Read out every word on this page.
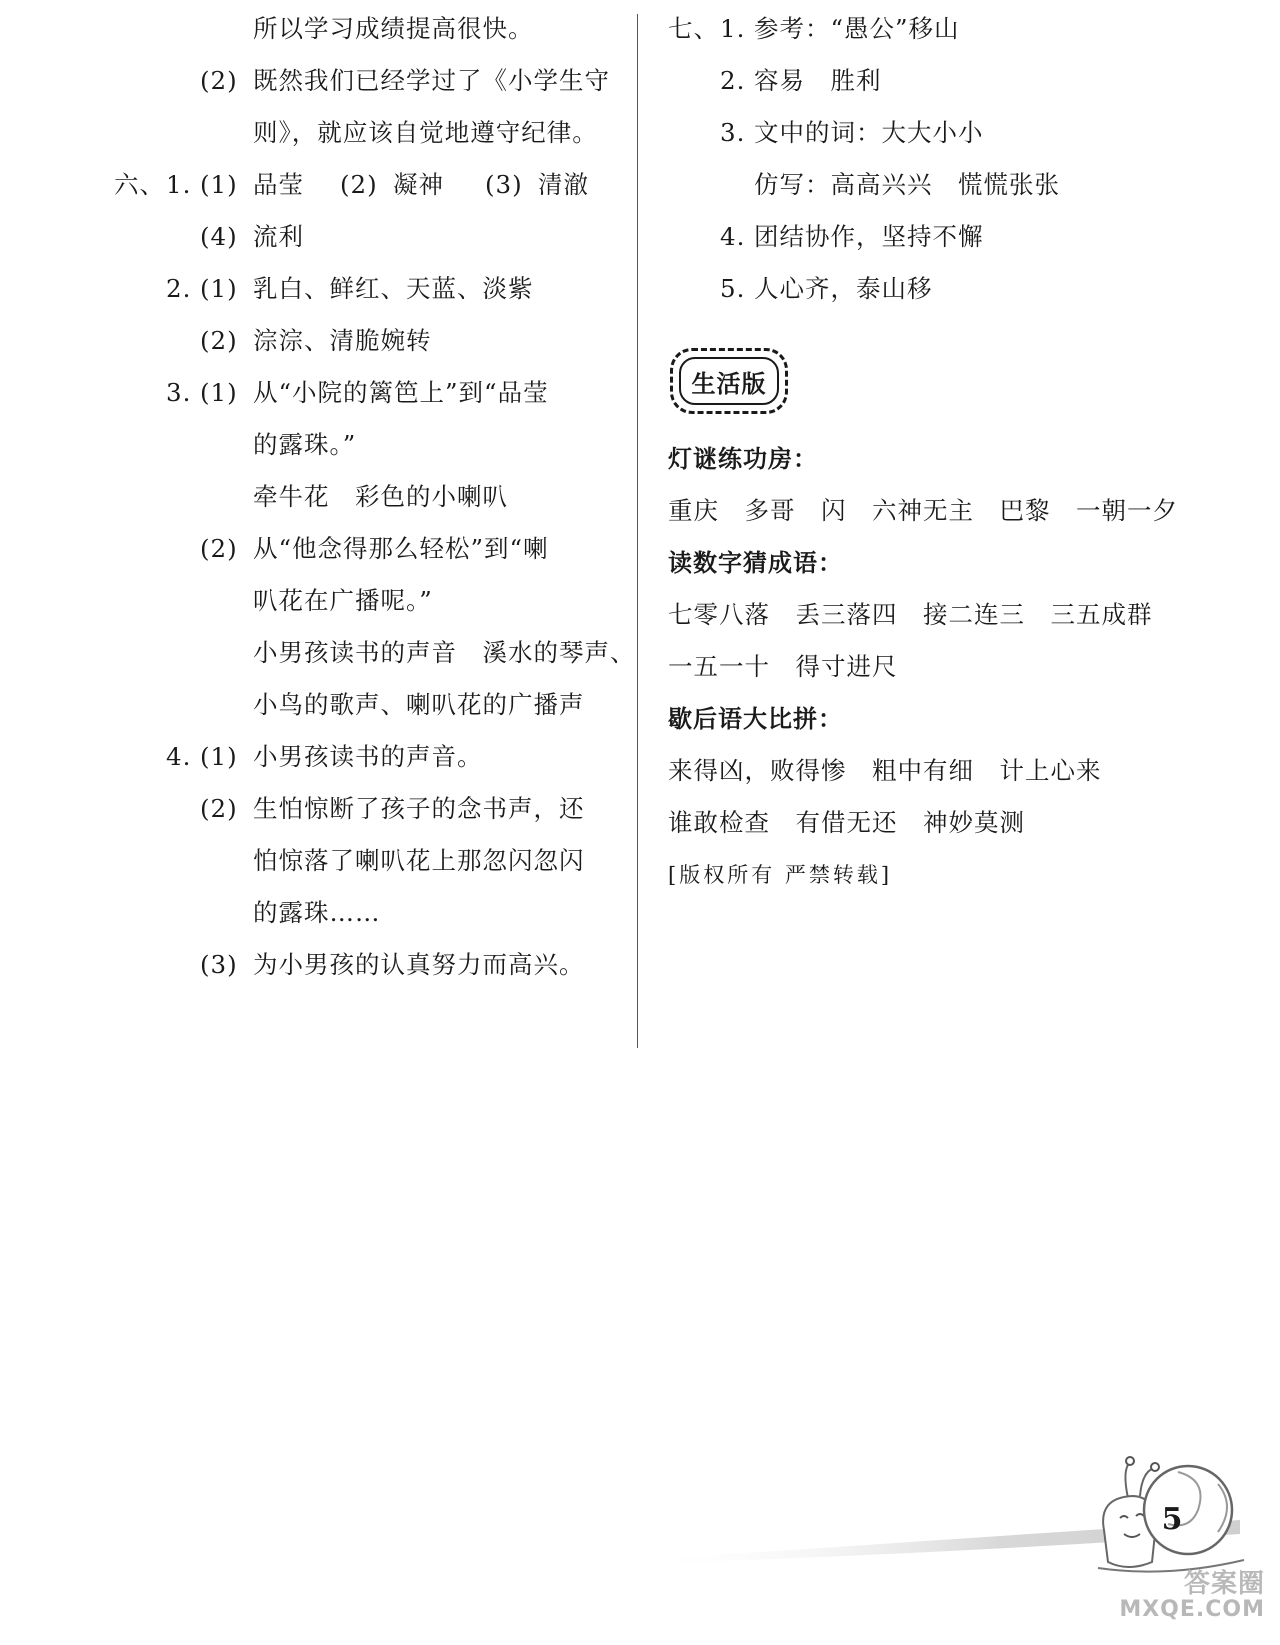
所以学习成绩提高很快。
(2) 既然我们已经学过了《小学生守
则》，就应该自觉地遵守纪律。
六、 1. (1) 品莹 (2) 凝神 (3) 清澈
(4) 流利
2. (1) 乳白、鲜红、天蓝、淡紫
(2) 淙淙、清脆婉转
3. (1) 从“小院的篱笆上”到“品莹
的露珠。”
牵牛花　彩色的小喇叭
(2) 从“他念得那么轻松”到“喇
叭花在广播呢。”
小男孩读书的声音　溪水的琴声、
小鸟的歌声、喇叭花的广播声
4. (1) 小男孩读书的声音。
(2) 生怕惊断了孩子的念书声，还
怕惊落了喇叭花上那忽闪忽闪
的露珠……
(3) 为小男孩的认真努力而高兴。
七、 1. 参考：“愚公”移山
2. 容易　胜利
3. 文中的词：大大小小
仿写：高高兴兴　慌慌张张
4. 团结协作，坚持不懈
5. 人心齐，泰山移
灯谜练功房：
重庆　多哥　闪　六神无主　巴黎　一朝一夕
读数字猜成语：
七零八落　丢三落四　接二连三　三五成群
一五一十　得寸进尺
歇后语大比拼：
来得凶，败得惨　粗中有细　计上心来
谁敢检查　有借无还　神妙莫测
[版权所有 严禁转载]
生活版
5
答案圈
MXQE.COM
